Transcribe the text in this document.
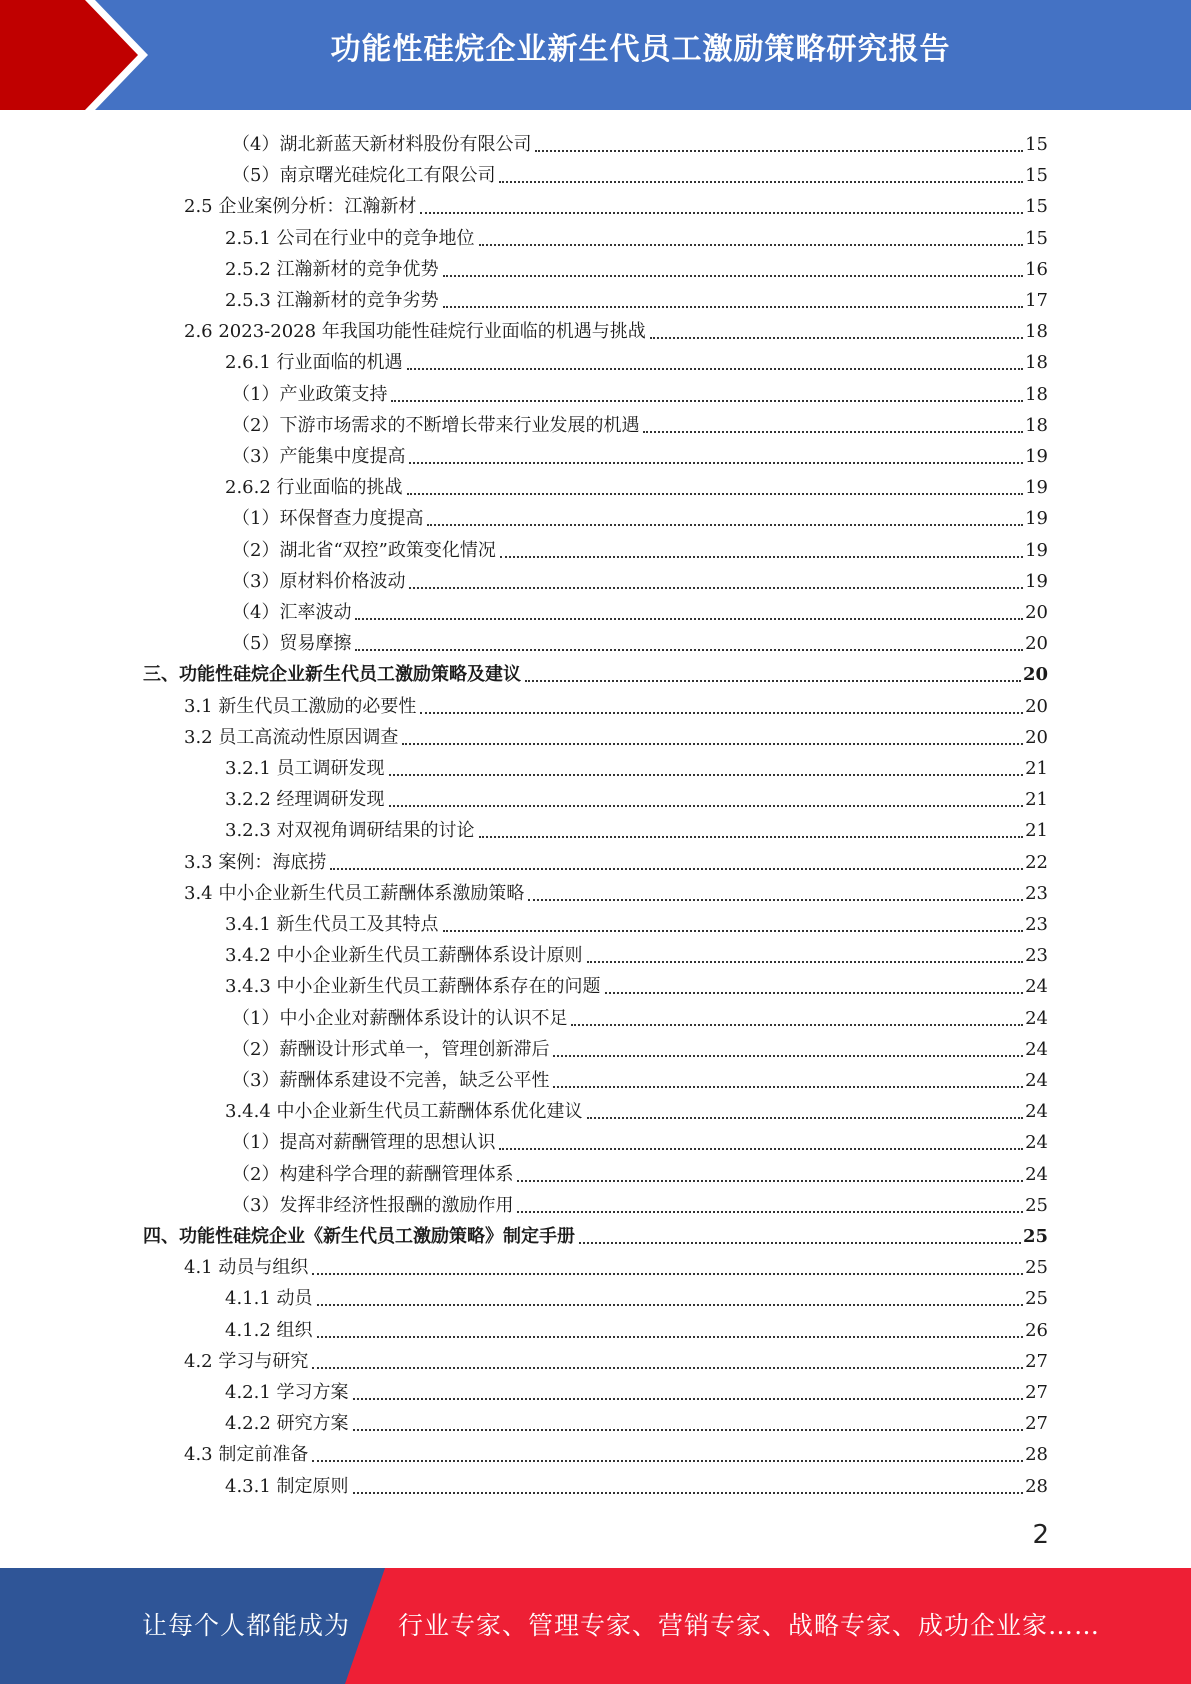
功能性硅烷企业新生代员工激励策略研究报告
（4）湖北新蓝天新材料股份有限公司	15
（5）南京曙光硅烷化工有限公司	15
2.5 企业案例分析：江瀚新材	15
2.5.1 公司在行业中的竞争地位	15
2.5.2 江瀚新材的竞争优势	16
2.5.3 江瀚新材的竞争劣势	17
2.6 2023-2028 年我国功能性硅烷行业面临的机遇与挑战	18
2.6.1 行业面临的机遇	18
（1）产业政策支持	18
（2）下游市场需求的不断增长带来行业发展的机遇	18
（3）产能集中度提高	19
2.6.2 行业面临的挑战	19
（1）环保督查力度提高	19
（2）湖北省“双控”政策变化情况	19
（3）原材料价格波动	19
（4）汇率波动	20
（5）贸易摩擦	20
三、功能性硅烷企业新生代员工激励策略及建议	20
3.1 新生代员工激励的必要性	20
3.2 员工高流动性原因调查	20
3.2.1 员工调研发现	21
3.2.2 经理调研发现	21
3.2.3 对双视角调研结果的讨论	21
3.3 案例：海底捞	22
3.4 中小企业新生代员工薪酬体系激励策略	23
3.4.1 新生代员工及其特点	23
3.4.2 中小企业新生代员工薪酬体系设计原则	23
3.4.3 中小企业新生代员工薪酬体系存在的问题	24
（1）中小企业对薪酬体系设计的认识不足	24
（2）薪酬设计形式单一，管理创新滞后	24
（3）薪酬体系建设不完善，缺乏公平性	24
3.4.4 中小企业新生代员工薪酬体系优化建议	24
（1）提高对薪酬管理的思想认识	24
（2）构建科学合理的薪酬管理体系	24
（3）发挥非经济性报酬的激励作用	25
四、功能性硅烷企业《新生代员工激励策略》制定手册	25
4.1 动员与组织	25
4.1.1 动员	25
4.1.2 组织	26
4.2 学习与研究	27
4.2.1 学习方案	27
4.2.2 研究方案	27
4.3 制定前准备	28
4.3.1 制定原则	28
2
让每个人都能成为 行业专家、管理专家、营销专家、战略专家、成功企业家……
